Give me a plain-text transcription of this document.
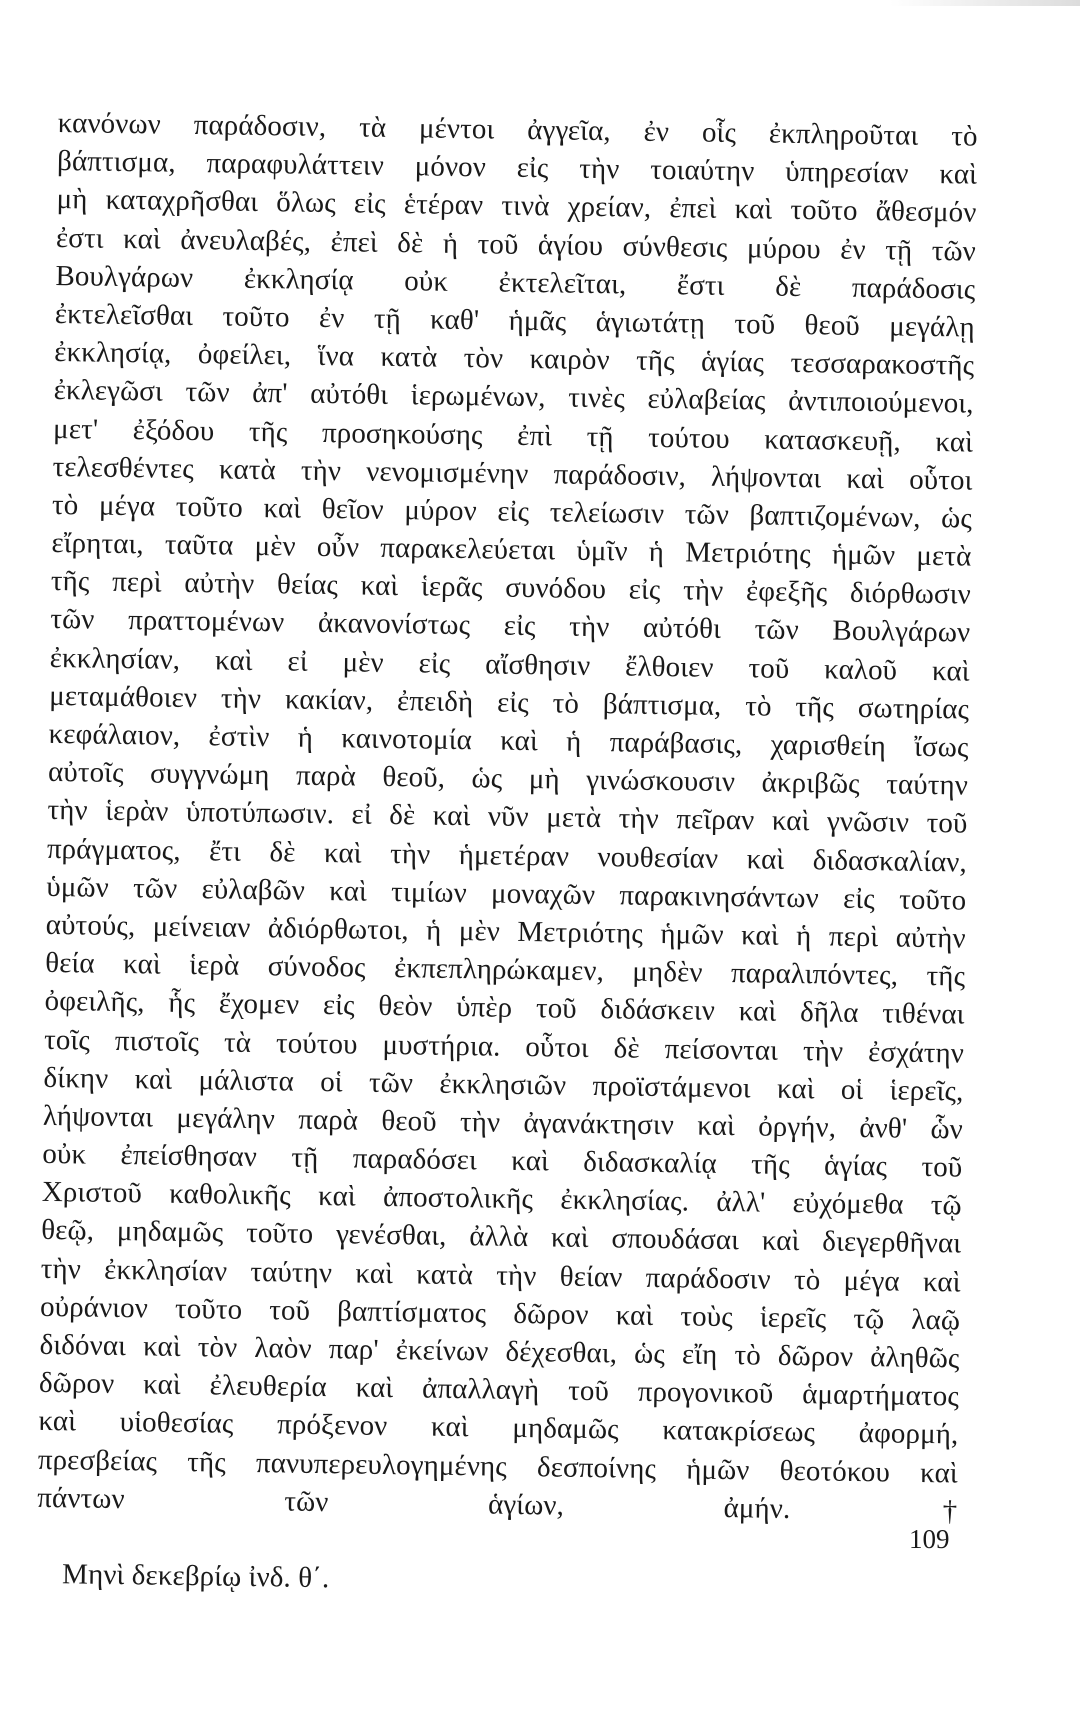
κανόνων παράδοσιν, τὰ μέντοι ἀγγεῖα, ἐν οἷς ἐκπληροῦται τὸ
βάπτισμα, παραφυλάττειν μόνον εἰς τὴν τοιαύτην ὑπηρεσίαν καὶ
μὴ καταχρῆσθαι ὅλως εἰς ἑτέραν τινὰ χρείαν, ἐπεὶ καὶ τοῦτο ἄθεσμόν
ἐστι καὶ ἀνευλαβές, ἐπεὶ δὲ ἡ τοῦ ἁγίου σύνθεσις μύρου ἐν τῇ τῶν
Βουλγάρων ἐκκλησίᾳ οὐκ ἐκτελεῖται, ἔστι δὲ παράδοσις
ἐκτελεῖσθαι τοῦτο ἐν τῇ καθ' ἡμᾶς ἁγιωτάτῃ τοῦ θεοῦ μεγάλῃ
ἐκκλησίᾳ, ὀφείλει, ἵνα κατὰ τὸν καιρὸν τῆς ἁγίας τεσσαρακοστῆς
ἐκλεγῶσι τῶν ἀπ' αὐτόθι ἱερωμένων, τινὲς εὐλαβείας ἀντιποιούμενοι,
μετ' ἐξόδου τῆς προσηκούσης ἐπὶ τῇ τούτου κατασκευῇ, καὶ
τελεσθέντες κατὰ τὴν νενομισμένην παράδοσιν, λήψονται καὶ οὗτοι
τὸ μέγα τοῦτο καὶ θεῖον μύρον εἰς τελείωσιν τῶν βαπτιζομένων, ὡς
εἴρηται, ταῦτα μὲν οὖν παρακελεύεται ὑμῖν ἡ Μετριότης ἡμῶν μετὰ
τῆς περὶ αὐτὴν θείας καὶ ἱερᾶς συνόδου εἰς τὴν ἐφεξῆς διόρθωσιν
τῶν πραττομένων ἀκανονίστως εἰς τὴν αὐτόθι τῶν Βουλγάρων
ἐκκλησίαν, καὶ εἰ μὲν εἰς αἴσθησιν ἔλθοιεν τοῦ καλοῦ καὶ
μεταμάθοιεν τὴν κακίαν, ἐπειδὴ εἰς τὸ βάπτισμα, τὸ τῆς σωτηρίας
κεφάλαιον, ἐστὶν ἡ καινοτομία καὶ ἡ παράβασις, χαρισθείη ἴσως
αὐτοῖς συγγνώμη παρὰ θεοῦ, ὡς μὴ γινώσκουσιν ἀκριβῶς ταύτην
τὴν ἱερὰν ὑποτύπωσιν. εἰ δὲ καὶ νῦν μετὰ τὴν πεῖραν καὶ γνῶσιν τοῦ
πράγματος, ἔτι δὲ καὶ τὴν ἡμετέραν νουθεσίαν καὶ διδασκαλίαν,
ὑμῶν τῶν εὐλαβῶν καὶ τιμίων μοναχῶν παρακινησάντων εἰς τοῦτο
αὐτούς, μείνειαν ἀδιόρθωτοι, ἡ μὲν Μετριότης ἡμῶν καὶ ἡ περὶ αὐτὴν
θεία καὶ ἱερὰ σύνοδος ἐκπεπληρώκαμεν, μηδὲν παραλιπόντες, τῆς
ὀφειλῆς, ἧς ἔχομεν εἰς θεὸν ὑπὲρ τοῦ διδάσκειν καὶ δῆλα τιθέναι
τοῖς πιστοῖς τὰ τούτου μυστήρια. οὗτοι δὲ πείσονται τὴν ἐσχάτην
δίκην καὶ μάλιστα οἱ τῶν ἐκκλησιῶν προϊστάμενοι καὶ οἱ ἱερεῖς,
λήψονται μεγάλην παρὰ θεοῦ τὴν ἀγανάκτησιν καὶ ὀργήν, ἀνθ' ὧν
οὐκ ἐπείσθησαν τῇ παραδόσει καὶ διδασκαλίᾳ τῆς ἁγίας τοῦ
Χριστοῦ καθολικῆς καὶ ἀποστολικῆς ἐκκλησίας. ἀλλ' εὐχόμεθα τῷ
θεῷ, μηδαμῶς τοῦτο γενέσθαι, ἀλλὰ καὶ σπουδάσαι καὶ διεγερθῆναι
τὴν ἐκκλησίαν ταύτην καὶ κατὰ τὴν θείαν παράδοσιν τὸ μέγα καὶ
οὐράνιον τοῦτο τοῦ βαπτίσματος δῶρον καὶ τοὺς ἱερεῖς τῷ λαῷ
διδόναι καὶ τὸν λαὸν παρ' ἐκείνων δέχεσθαι, ὡς εἴη τὸ δῶρον ἀληθῶς
δῶρον καὶ ἐλευθερία καὶ ἀπαλλαγὴ τοῦ προγονικοῦ ἁμαρτήματος
καὶ υἱοθεσίας πρόξενον καὶ μηδαμῶς κατακρίσεως ἀφορμή,
πρεσβείας τῆς πανυπερευλογημένης δεσποίνης ἡμῶν θεοτόκου καὶ
πάντων τῶν ἁγίων, ἀμήν.†
Μηνὶ δεκεβρίῳ ἰνδ. θ΄.
109
